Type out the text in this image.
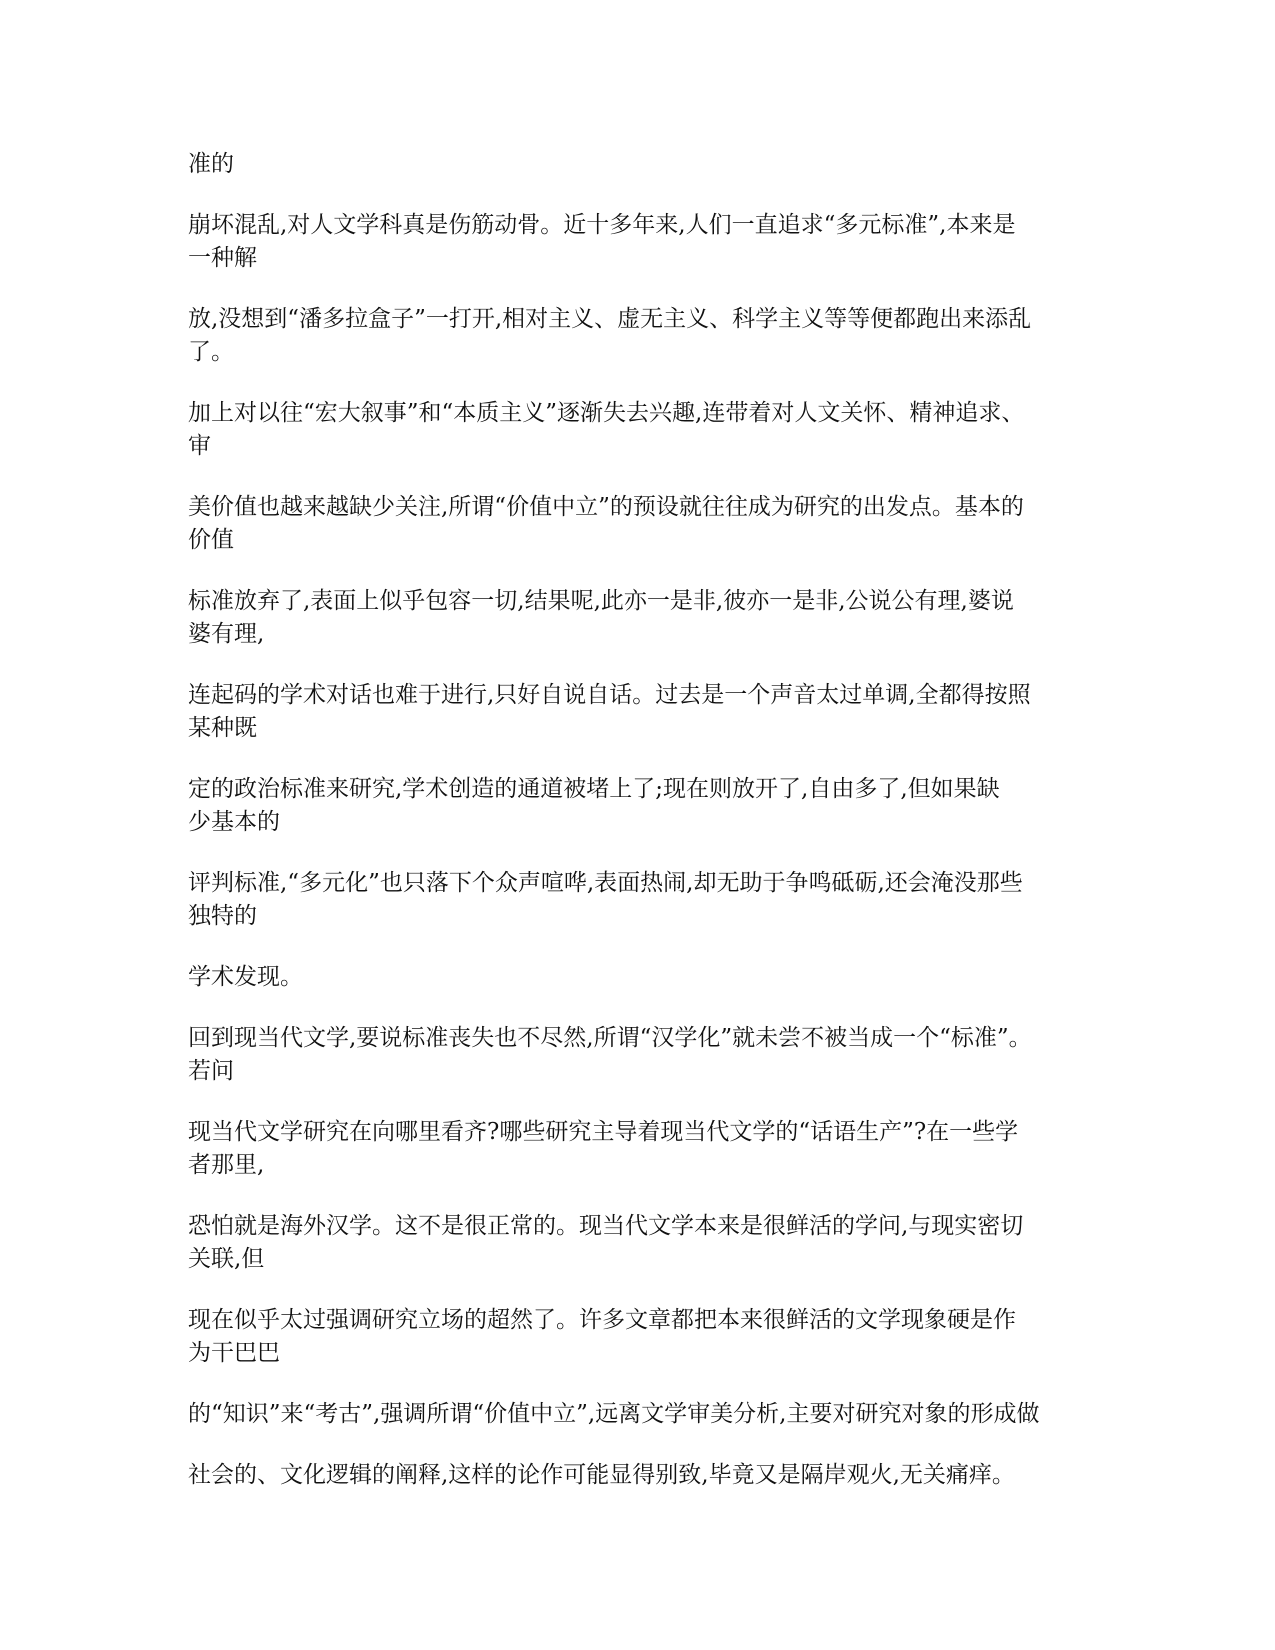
准的

崩坏混乱,对人文学科真是伤筋动骨。近十多年来,人们一直追求“多元标准”,本来是
一种解

放,没想到“潘多拉盒子”一打开,相对主义、虚无主义、科学主义等等便都跑出来添乱
了。

加上对以往“宏大叙事”和“本质主义”逐渐失去兴趣,连带着对人文关怀、精神追求、
审

美价值也越来越缺少关注,所谓“价值中立”的预设就往往成为研究的出发点。基本的
价值

标准放弃了,表面上似乎包容一切,结果呢,此亦一是非,彼亦一是非,公说公有理,婆说
婆有理,

连起码的学术对话也难于进行,只好自说自话。过去是一个声音太过单调,全都得按照
某种既

定的政治标准来研究,学术创造的通道被堵上了;现在则放开了,自由多了,但如果缺
少基本的

评判标准,“多元化”也只落下个众声喧哗,表面热闹,却无助于争鸣砥砺,还会淹没那些
独特的

学术发现。

回到现当代文学,要说标准丧失也不尽然,所谓“汉学化”就未尝不被当成一个“标准”。
若问

现当代文学研究在向哪里看齐?哪些研究主导着现当代文学的“话语生产”?在一些学
者那里,

恐怕就是海外汉学。这不是很正常的。现当代文学本来是很鲜活的学问,与现实密切
关联,但

现在似乎太过强调研究立场的超然了。许多文章都把本来很鲜活的文学现象硬是作
为干巴巴

的“知识”来“考古”,强调所谓“价值中立”,远离文学审美分析,主要对研究对象的形成做

社会的、文化逻辑的阐释,这样的论作可能显得别致,毕竟又是隔岸观火,无关痛痒。
